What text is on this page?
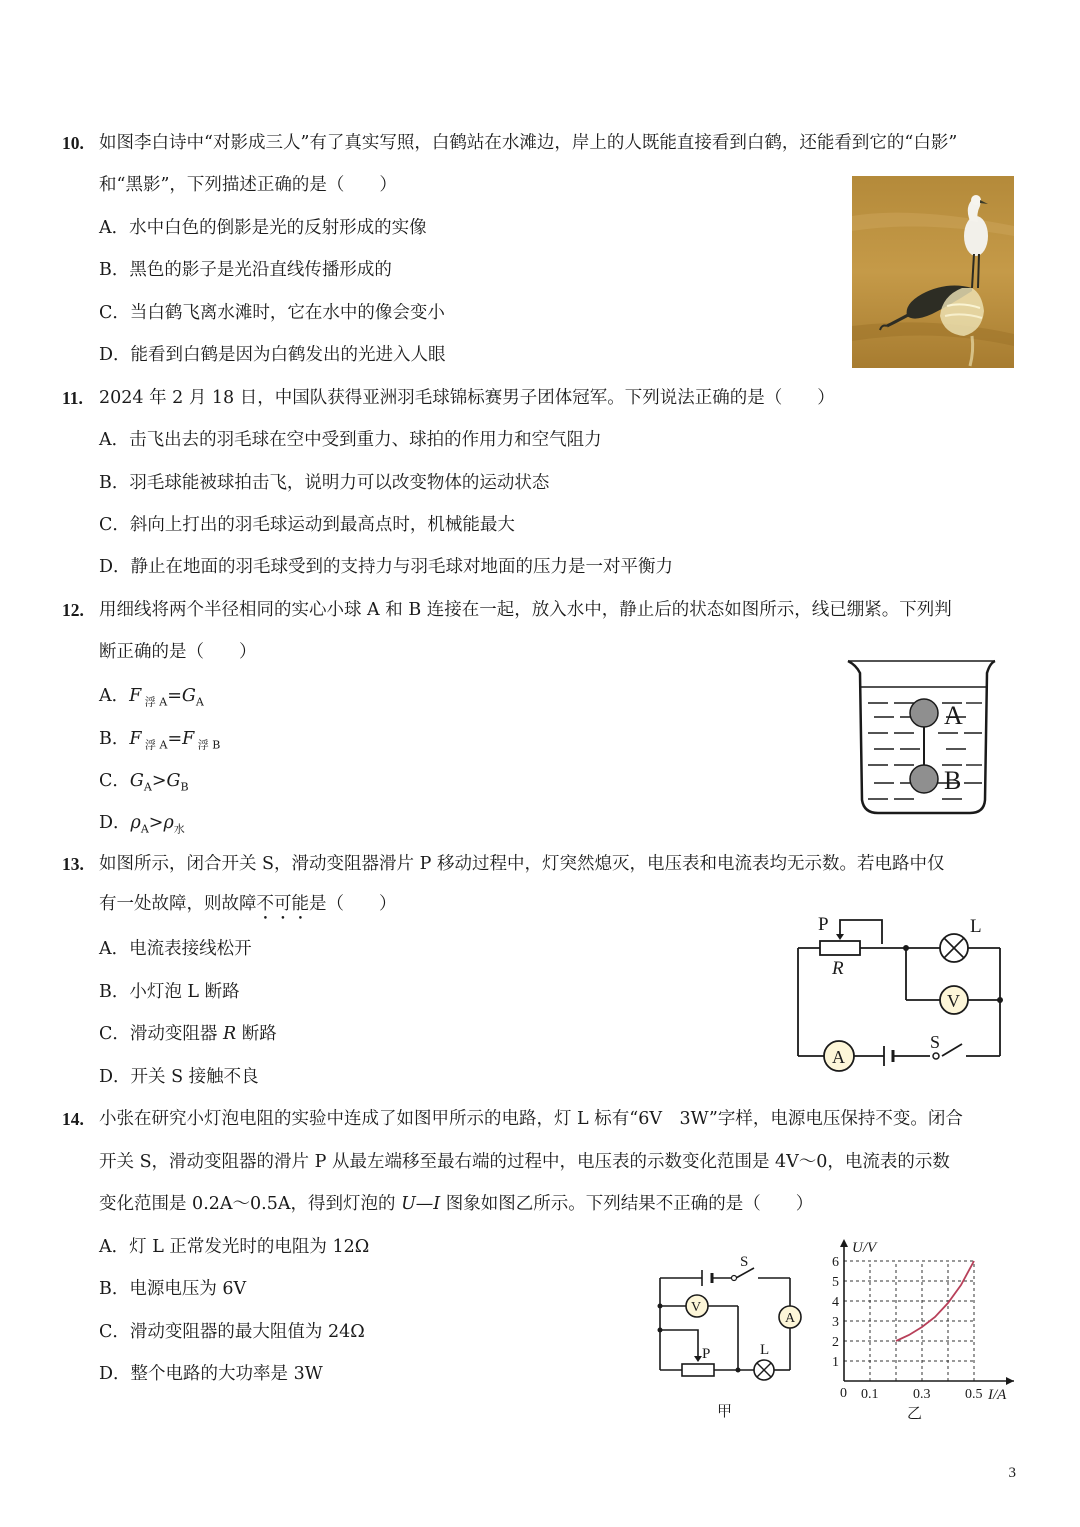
10. 如图李白诗中“对影成三人”有了真实写照，白鹤站在水滩边，岸上的人既能直接看到白鹤，还能看到它的“白影”
和“黑影”，下列描述正确的是（　　）
A．水中白色的倒影是光的反射形成的实像
B．黑色的影子是光沿直线传播形成的
C．当白鹤飞离水滩时，它在水中的像会变小
D．能看到白鹤是因为白鹤发出的光进入人眼
11. 2024 年 2 月 18 日，中国队获得亚洲羽毛球锦标赛男子团体冠军。下列说法正确的是（　　）
A．击飞出去的羽毛球在空中受到重力、球拍的作用力和空气阻力
B．羽毛球能被球拍击飞，说明力可以改变物体的运动状态
C．斜向上打出的羽毛球运动到最高点时，机械能最大
D．静止在地面的羽毛球受到的支持力与羽毛球对地面的压力是一对平衡力
12. 用细线将两个半径相同的实心小球 A 和 B 连接在一起，放入水中，静止后的状态如图所示，线已绷紧。下列判
断正确的是（　　）
A．F $_{浮 A}=G_A$
B．F $_{浮 A}$=F $_{浮 B}$
C．$G_A>G_B$
D．$\rho_A>\rho_水$
A
B
13. 如图所示，闭合开关 S，滑动变阻器滑片 P 移动过程中，灯突然熄灭，电压表和电流表均无示数。若电路中仅
有一处故障，则故障不可能是（　　）
A．电流表接线松开
B．小灯泡 L 断路
C．滑动变阻器 R 断路
D．开关 S 接触不良
P
R
L
V
A
S
14. 小张在研究小灯泡电阻的实验中连成了如图甲所示的电路，灯 L 标有“6V　3W”字样，电源电压保持不变。闭合
开关 S，滑动变阻器的滑片 P 从最左端移至最右端的过程中，电压表的示数变化范围是 4V～0，电流表的示数
变化范围是 0.2A～0.5A，得到灯泡的 U—I 图象如图乙所示。下列结果不正确的是（　　）
A．灯 L 正常发光时的电阻为 12Ω
B．电源电压为 6V
C．滑动变阻器的最大阻值为 24Ω
D．整个电路的大功率是 3W
S
V
A
P	L
甲
1
2
3
4
5
6
0.1 0.3 0.5
U/V
I/A
0
乙
3
